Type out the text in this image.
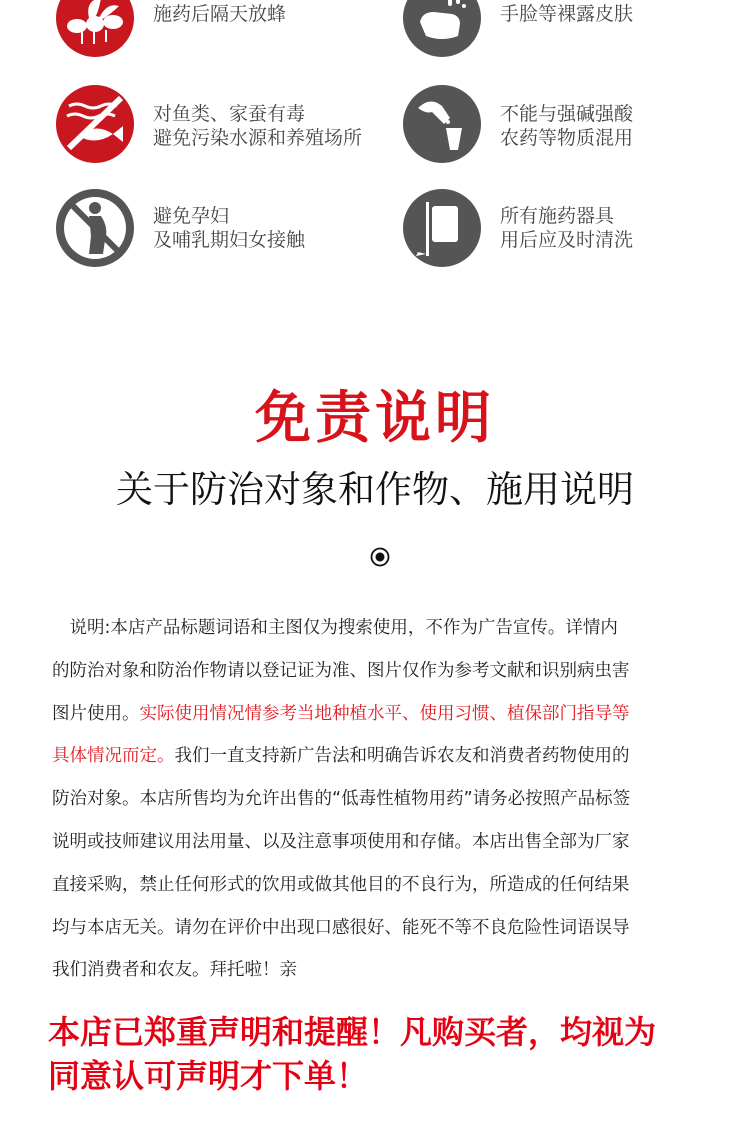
施药后隔天放蜂	手脸等裸露皮肤
对鱼类、家蚕有毒
避免污染水源和养殖场所
不能与强碱强酸
农药等物质混用
避免孕妇
及哺乳期妇女接触
所有施药器具
用后应及时清洗
免责说明
关于防治对象和作物、施用说明
　说明:本店产品标题词语和主图仅为搜索使用，不作为广告宣传。详情内
的防治对象和防治作物请以登记证为准、图片仅作为参考文献和识别病虫害
图片使用。实际使用情况情参考当地种植水平、使用习惯、植保部门指导等
具体情况而定。我们一直支持新广告法和明确告诉农友和消费者药物使用的
防治对象。本店所售均为允许出售的“低毒性植物用药”请务必按照产品标签
说明或技师建议用法用量、以及注意事项使用和存储。本店出售全部为厂家
直接采购，禁止任何形式的饮用或做其他目的不良行为，所造成的任何结果
均与本店无关。请勿在评价中出现口感很好、能死不等不良危险性词语误导
我们消费者和农友。拜托啦！亲
本店已郑重声明和提醒！凡购买者，均视为
同意认可声明才下单！
